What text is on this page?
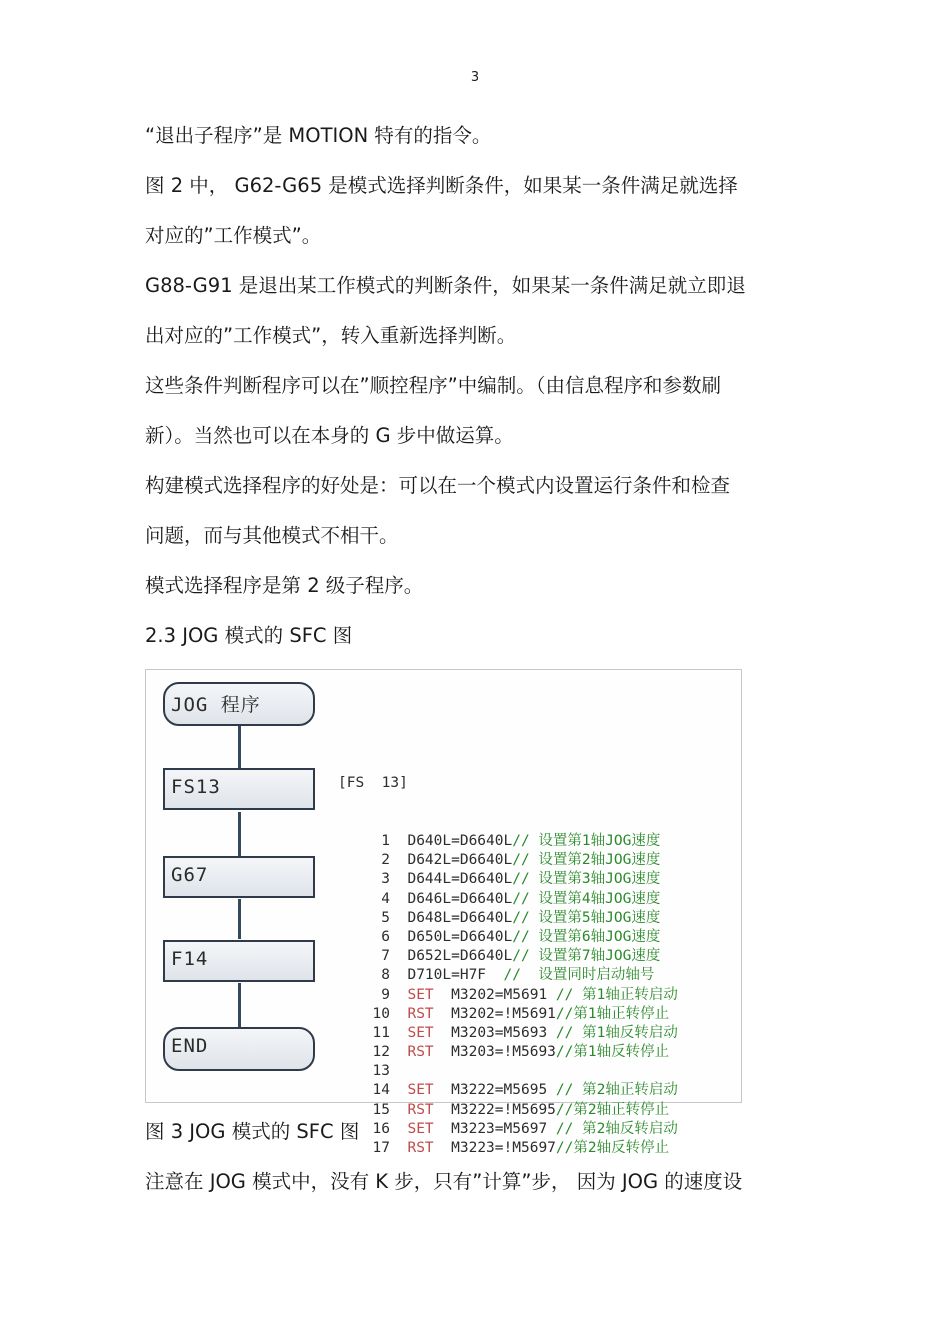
3

“退出子程序”是 MOTION 特有的指令。

图 2 中， G62-G65 是模式选择判断条件，如果某一条件满足就选择

对应的”工作模式”。

G88-G91 是退出某工作模式的判断条件，如果某一条件满足就立即退

出对应的”工作模式”，转入重新选择判断。

这些条件判断程序可以在”顺控程序”中编制。（由信息程序和参数刷

新）。当然也可以在本身的 G 步中做运算。

构建模式选择程序的好处是：可以在一个模式内设置运行条件和检查

问题，而与其他模式不相干。

模式选择程序是第 2 级子程序。

2.3 JOG 模式的 SFC 图

JOG 程序
FS13
G67
F14
END

[FS  13]

1 D640L=D6640L// 设置第1轴JOG速度
2 D642L=D6640L// 设置第2轴JOG速度
3 D644L=D6640L// 设置第3轴JOG速度
4 D646L=D6640L// 设置第4轴JOG速度
5 D648L=D6640L// 设置第5轴JOG速度
6 D650L=D6640L// 设置第6轴JOG速度
7 D652L=D6640L// 设置第7轴JOG速度
8 D710L=H7F  //  设置同时启动轴号
9 SET M3202=M5691 // 第1轴正转启动
10 RST M3202=!M5691//第1轴正转停止
11 SET M3203=M5693 // 第1轴反转启动
12 RST M3203=!M5693//第1轴反转停止
13
14 SET M3222=M5695 // 第2轴正转启动
15 RST M3222=!M5695//第2轴正转停止
16 SET M3223=M5697 // 第2轴反转启动
17 RST M3223=!M5697//第2轴反转停止

图 3 JOG 模式的 SFC 图

注意在 JOG 模式中，没有 K 步，只有”计算”步， 因为 JOG 的速度设
